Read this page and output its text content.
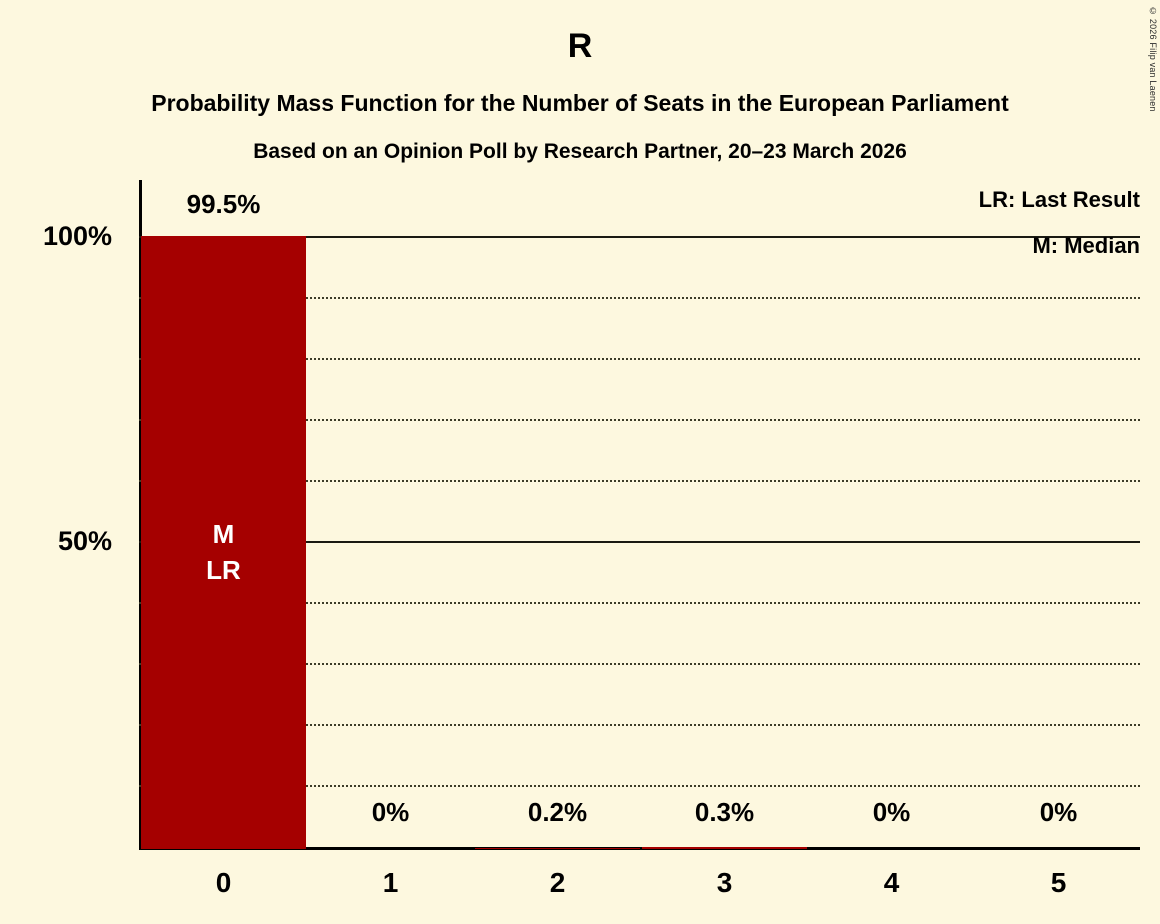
© 2026 Filip van Laenen
R
Probability Mass Function for the Number of Seats in the European Parliament
Based on an Opinion Poll by Research Partner, 20–23 March 2026
100%
50%
LR: Last Result
M: Median
M
LR
99.5%
0%	0.2%	0.3%	0%	0%
0	1	2	3	4	5
